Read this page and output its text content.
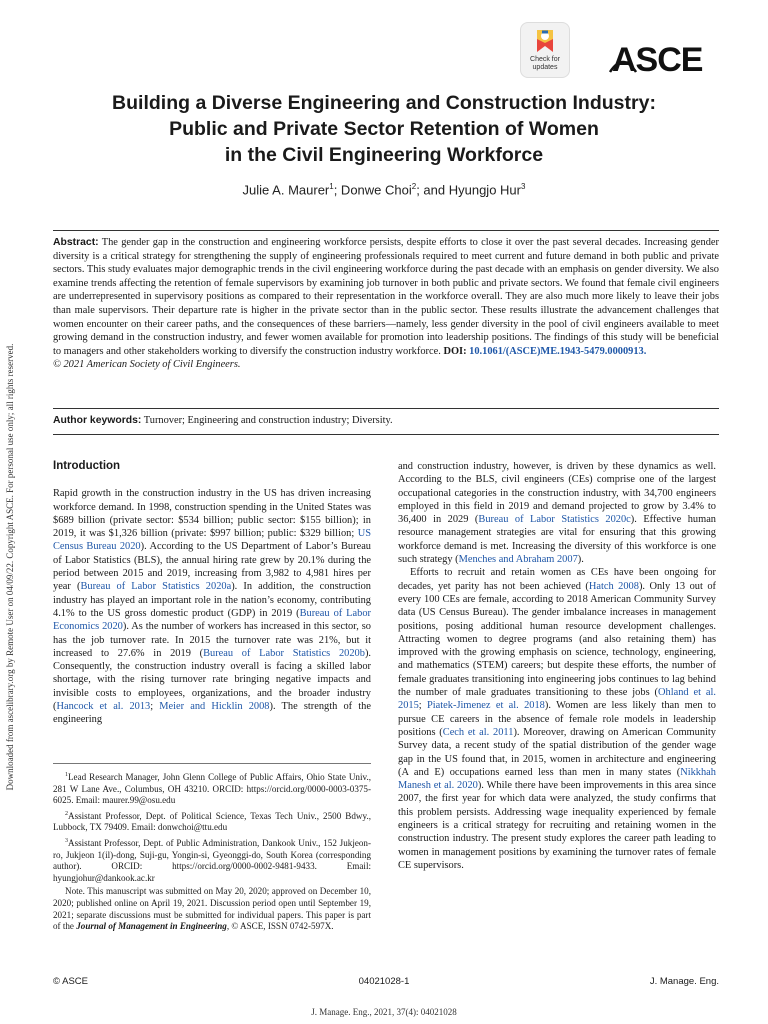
Downloaded from ascelibrary.org by Remote User on 04/09/22. Copyright ASCE. For personal use only; all rights reserved.
Check for
updates	ASCE
Building a Diverse Engineering and Construction Industry:
Public and Private Sector Retention of Women
in the Civil Engineering Workforce
Julie A. Maurer$^1$; Donwe Choi$^2$; and Hyungjo Hur$^3$
Abstract: The gender gap in the construction and engineering workforce persists, despite efforts to close it over the past several decades. Increasing gender diversity is a critical strategy for strengthening the supply of engineering professionals required to meet current and future demand in both public and private sectors. This study evaluates major demographic trends in the civil engineering workforce during the past decade with an emphasis on gender diversity. We also examine trends affecting the retention of female supervisors by examining job turnover in both public and private sectors. We found that female civil engineers are underrepresented in supervisory positions as compared to their representation in the workforce overall. They are also much more likely to leave their jobs than male supervisors. Their departure rate is higher in the private sector than in the public sector. These results illustrate the advancement challenges that women encounter on their career paths, and the consequences of these barriers—namely, less gender diversity in the pool of civil engineers available to meet growing demand in the construction industry, and fewer women available for promotion into leadership positions. The findings of this study will be beneficial to managers and other stakeholders working to diversify the construction industry workforce. DOI: 10.1061/(ASCE)ME.1943-5479.0000913.
© 2021 American Society of Civil Engineers.
Author keywords: Turnover; Engineering and construction industry; Diversity.
Introduction

Rapid growth in the construction industry in the US has driven increasing workforce demand. In 1998, construction spending in the United States was $689 billion (private sector: $534 billion; public sector: $155 billion); in 2019, it was $1,326 billion (private: $997 billion; public: $329 billion; US Census Bureau 2020). According to the US Department of Labor’s Bureau of Labor Statistics (BLS), the annual hiring rate grew by 20.1% during the period between 2015 and 2019, increasing from 3,982 to 4,981 hires per year (Bureau of Labor Statistics 2020a). In addition, the construction industry has played an important role in the nation’s economy, contributing 4.1% to the US gross domestic product (GDP) in 2019 (Bureau of Labor Economics 2020). As the number of workers has increased in this sector, so has the job turnover rate. In 2015 the turnover rate was 21%, but it increased to 27.6% in 2019 (Bureau of Labor Statistics 2020b). Consequently, the construction industry overall is facing a skilled labor shortage, with the rising turnover rate bringing negative impacts and invisible costs to employees, organizations, and the broader industry (Hancock et al. 2013; Meier and Hicklin 2008). The strength of the engineering

$^1$Lead Research Manager, John Glenn College of Public Affairs, Ohio State Univ., 281 W Lane Ave., Columbus, OH 43210. ORCID: https://orcid.org/0000-0003-0375-6025. Email: maurer.99@osu.edu

$^2$Assistant Professor, Dept. of Political Science, Texas Tech Univ., 2500 Bdwy., Lubbock, TX 79409. Email: donwchoi@ttu.edu

$^3$Assistant Professor, Dept. of Public Administration, Dankook Univ., 152 Jukjeon-ro, Jukjeon 1(il)-dong, Suji-gu, Yongin-si, Gyeonggi-do, South Korea (corresponding author). ORCID: https://orcid.org/0000-0002-9481-9433. Email: hyungjohur@dankook.ac.kr

Note. This manuscript was submitted on May 20, 2020; approved on December 10, 2020; published online on April 19, 2021. Discussion period open until September 19, 2021; separate discussions must be submitted for individual papers. This paper is part of the Journal of Management in Engineering, © ASCE, ISSN 0742-597X.

and construction industry, however, is driven by these dynamics as well. According to the BLS, civil engineers (CEs) comprise one of the largest occupational categories in the construction industry, with 34,700 engineers employed in this field in 2019 and demand projected to grow by 3.4% to 36,400 in 2029 (Bureau of Labor Statistics 2020c). Effective human resource management strategies are vital for ensuring that this growing workforce demand is met. Increasing the diversity of this workforce is one such strategy (Menches and Abraham 2007).

Efforts to recruit and retain women as CEs have been ongoing for decades, yet parity has not been achieved (Hatch 2008). Only 13 out of every 100 CEs are female, according to 2018 American Community Survey data (US Census Bureau). The gender imbalance increases in management positions, posing additional human resource development challenges. Attracting women to degree programs (and also retaining them) has improved with the growing emphasis on science, technology, engineering, and mathematics (STEM) careers; but despite these efforts, the number of female graduates transitioning into engineering jobs continues to lag behind the number of male graduates transitioning to these jobs (Ohland et al. 2015; Piatek-Jimenez et al. 2018). Women are less likely than men to pursue CE careers in the absence of female role models in leadership positions (Cech et al. 2011). Moreover, drawing on American Community Survey data, a recent study of the spatial distribution of the gender wage gap in the US found that, in 2015, women in architecture and engineering (A and E) occupations earned less than men in many states (Nikkhah Manesh et al. 2020). While there have been improvements in this area since 2007, the first year for which data were analyzed, the study confirms that this problem persists. Addressing wage inequality experienced by female engineers is a critical strategy for recruiting and retaining women in the construction industry. The present study explores the career path leading to women in management positions by examining the turnover rates of female CE supervisors.

© ASCE	04021028-1	J. Manage. Eng.
J. Manage. Eng., 2021, 37(4): 04021028
